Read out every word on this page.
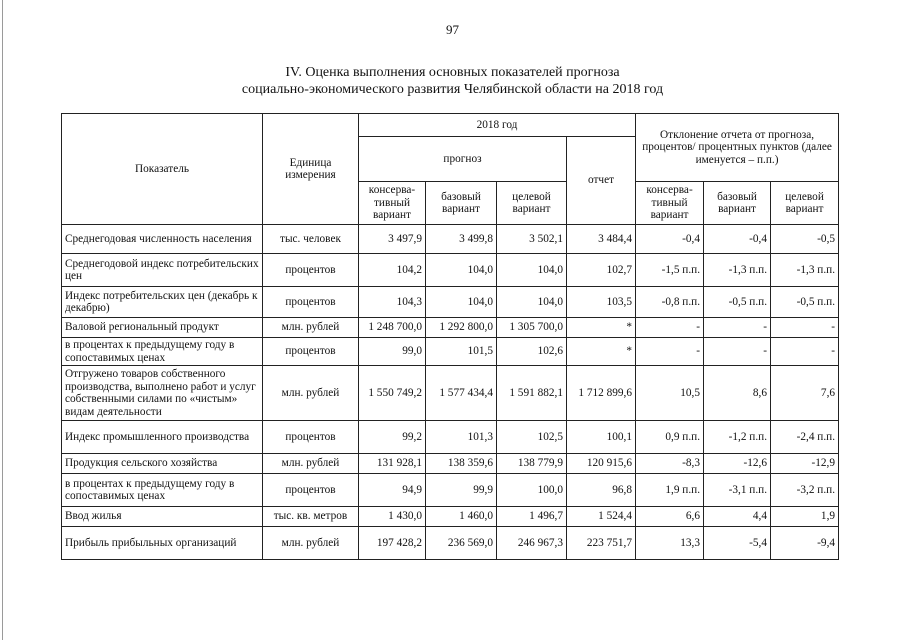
97
IV. Оценка выполнения основных показателей прогноза
социально-экономического развития Челябинской области на 2018 год
Показатель	Единица измерения	2018 год				Отклонение отчета от прогноза, процентов/ процентных пунктов (далее именуется – п.п.)		
		прогноз			отчет			
		консерва-тивный вариант	базовый вариант	целевой вариант		консерва-тивный вариант	базовый вариант	целевой вариант
Среднегодовая численность населения	тыс. человек	3 497,9	3 499,8	3 502,1	3 484,4	-0,4	-0,4	-0,5
Среднегодовой индекс потребительских цен	процентов	104,2	104,0	104,0	102,7	-1,5 п.п.	-1,3 п.п.	-1,3 п.п.
Индекс потребительских цен (декабрь к декабрю)	процентов	104,3	104,0	104,0	103,5	-0,8 п.п.	-0,5 п.п.	-0,5 п.п.
Валовой региональный продукт	млн. рублей	1 248 700,0	1 292 800,0	1 305 700,0	*	-	-	-
в процентах к предыдущему году в сопоставимых ценах	процентов	99,0	101,5	102,6	*	-	-	-
Отгружено товаров собственного производства, выполнено работ и услуг собственными силами по «чистым» видам деятельности	млн. рублей	1 550 749,2	1 577 434,4	1 591 882,1	1 712 899,6	10,5	8,6	7,6
Индекс промышленного производства	процентов	99,2	101,3	102,5	100,1	0,9 п.п.	-1,2 п.п.	-2,4 п.п.
Продукция сельского хозяйства	млн. рублей	131 928,1	138 359,6	138 779,9	120 915,6	-8,3	-12,6	-12,9
в процентах к предыдущему году в сопоставимых ценах	процентов	94,9	99,9	100,0	96,8	1,9 п.п.	-3,1 п.п.	-3,2 п.п.
Ввод жилья	тыс. кв. метров	1 430,0	1 460,0	1 496,7	1 524,4	6,6	4,4	1,9
Прибыль прибыльных организаций	млн. рублей	197 428,2	236 569,0	246 967,3	223 751,7	13,3	-5,4	-9,4
